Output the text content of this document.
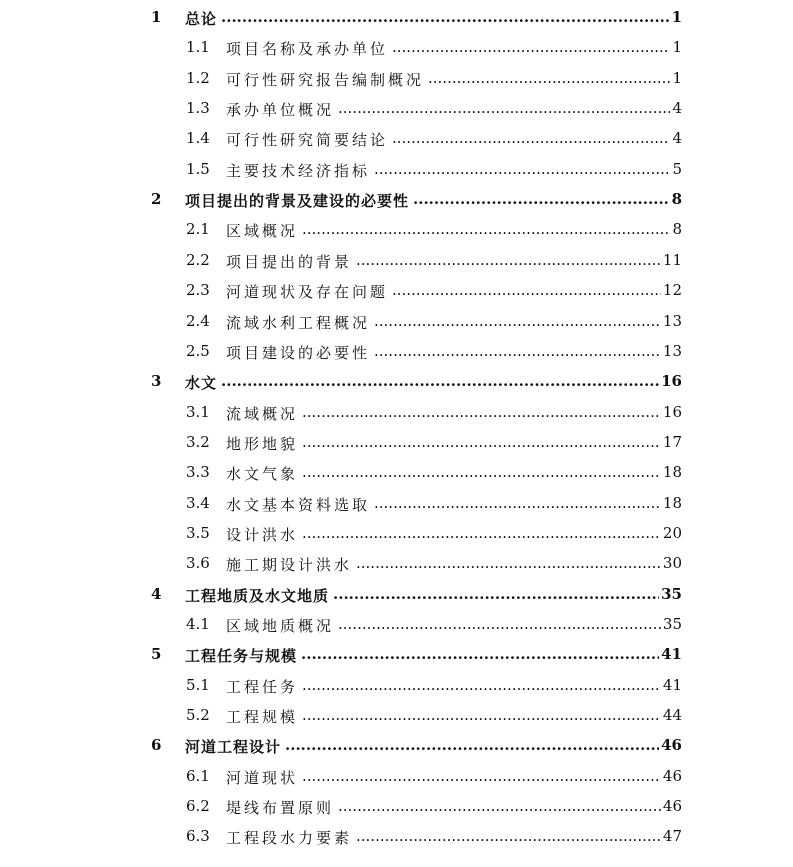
1 总论 .....	1
1.1 项目名称及承办单位 .....	1
1.2 可行性研究报告编制概况 .....	1
1.3 承办单位概况 .....	4
1.4 可行性研究简要结论 .....	4
1.5 主要技术经济指标 .....	5
2 项目提出的背景及建设的必要性 .....	8
2.1 区域概况 .....	8
2.2 项目提出的背景 .....	11
2.3 河道现状及存在问题 .....	12
2.4 流域水利工程概况 .....	13
2.5 项目建设的必要性 .....	13
3 水文 .....	16
3.1 流域概况 .....	16
3.2 地形地貌 .....	17
3.3 水文气象 .....	18
3.4 水文基本资料选取 .....	18
3.5 设计洪水 .....	20
3.6 施工期设计洪水 .....	30
4 工程地质及水文地质 .....	35
4.1 区域地质概况 .....	35
5 工程任务与规模 .....	41
5.1 工程任务 .....	41
5.2 工程规模 .....	44
6 河道工程设计 .....	46
6.1 河道现状 .....	46
6.2 堤线布置原则 .....	46
6.3 工程段水力要素 .....	47
